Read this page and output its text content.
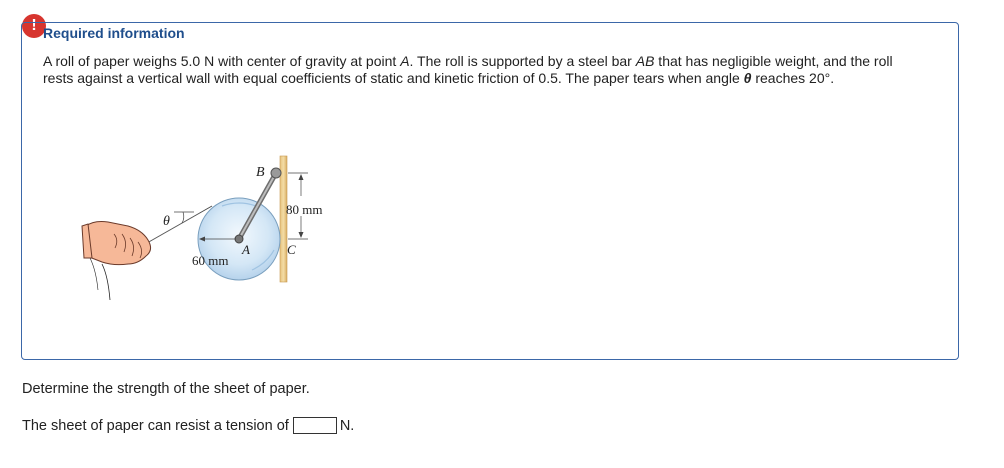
! Required information

A roll of paper weighs 5.0 N with center of gravity at point A. The roll is supported by a steel bar AB that has negligible weight, and the roll rests against a vertical wall with equal coefficients of static and kinetic friction of 0.5. The paper tears when angle θ reaches 20°.

θ
B
A	C
80 mm
60 mm

Determine the strength of the sheet of paper.

The sheet of paper can resist a tension of	N.
